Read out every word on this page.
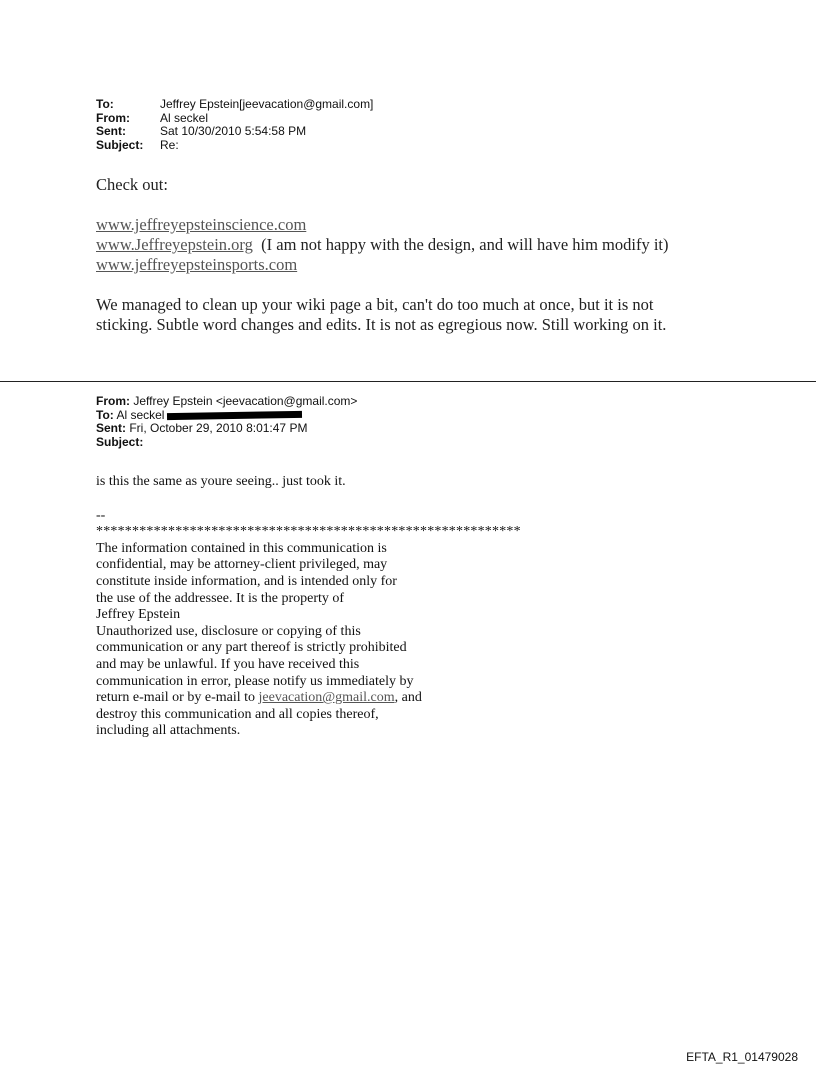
To:	Jeffrey Epstein[jeevacation@gmail.com]
From:	Al seckel
Sent:	Sat 10/30/2010 5:54:58 PM
Subject:	Re:

Check out:

www.jeffreyepsteinscience.com

www.Jeffreyepstein.org (I am not happy with the design, and will have him modify it)

www.jeffreyepsteinsports.com

We managed to clean up your wiki page a bit, can't do too much at once, but it is not

sticking. Subtle word changes and edits. It is not as egregious now. Still working on it.

From: Jeffrey Epstein <jeevacation@gmail.com>
To: Al seckel
Sent: Fri, October 29, 2010 8:01:47 PM
Subject:
is this the same as youre seeing.. just took it.
--
***********************************************************
The information contained in this communication is
confidential, may be attorney-client privileged, may
constitute inside information, and is intended only for
the use of the addressee. It is the property of
Jeffrey Epstein
Unauthorized use, disclosure or copying of this
communication or any part thereof is strictly prohibited
and may be unlawful. If you have received this
communication in error, please notify us immediately by
return e-mail or by e-mail to jeevacation@gmail.com, and
destroy this communication and all copies thereof,
including all attachments.
EFTA_R1_01479028
